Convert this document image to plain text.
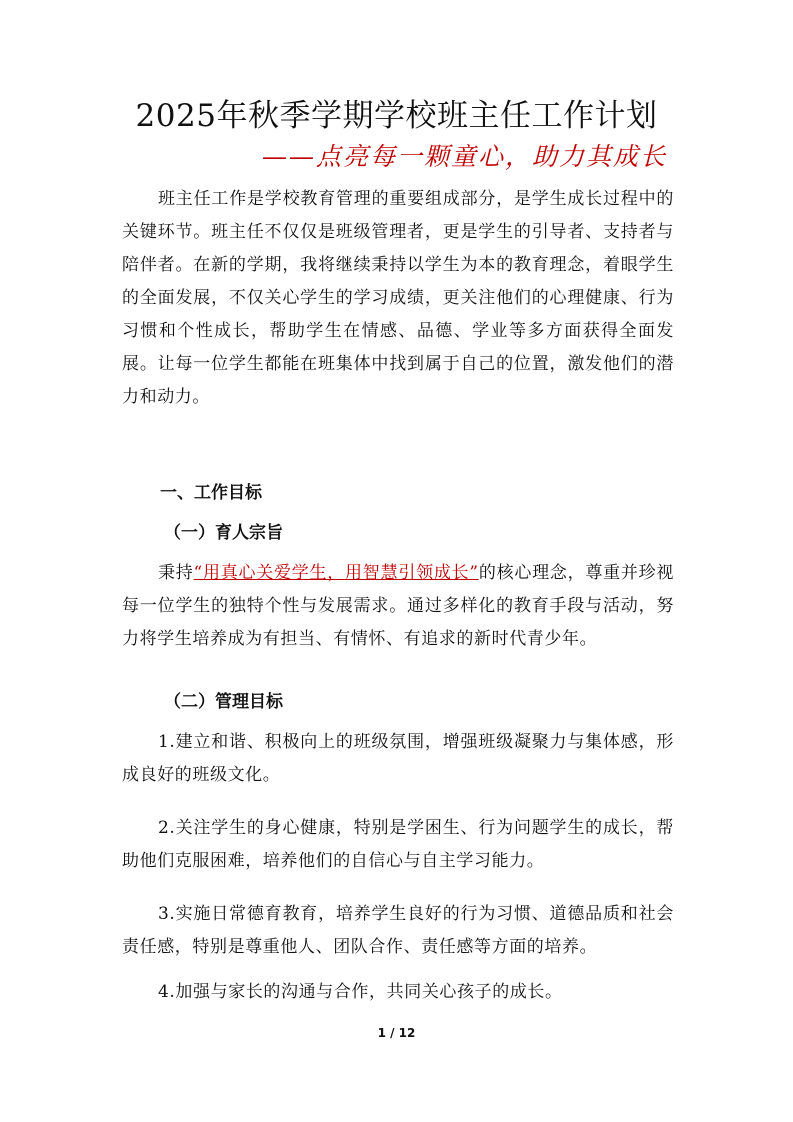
2025年秋季学期学校班主任工作计划
——点亮每一颗童心，助力其成长
班主任工作是学校教育管理的重要组成部分，是学生成长过程中的关键环节。班主任不仅仅是班级管理者，更是学生的引导者、支持者与陪伴者。在新的学期，我将继续秉持以学生为本的教育理念，着眼学生的全面发展，不仅关心学生的学习成绩，更关注他们的心理健康、行为习惯和个性成长，帮助学生在情感、品德、学业等多方面获得全面发展。让每一位学生都能在班集体中找到属于自己的位置，激发他们的潜力和动力。
一、工作目标
（一）育人宗旨
秉持“用真心关爱学生，用智慧引领成长”的核心理念，尊重并珍视每一位学生的独特个性与发展需求。通过多样化的教育手段与活动，努力将学生培养成为有担当、有情怀、有追求的新时代青少年。
（二）管理目标
1.建立和谐、积极向上的班级氛围，增强班级凝聚力与集体感，形成良好的班级文化。
2.关注学生的身心健康，特别是学困生、行为问题学生的成长，帮助他们克服困难，培养他们的自信心与自主学习能力。
3.实施日常德育教育，培养学生良好的行为习惯、道德品质和社会责任感，特别是尊重他人、团队合作、责任感等方面的培养。
4.加强与家长的沟通与合作，共同关心孩子的成长。
1 / 12
